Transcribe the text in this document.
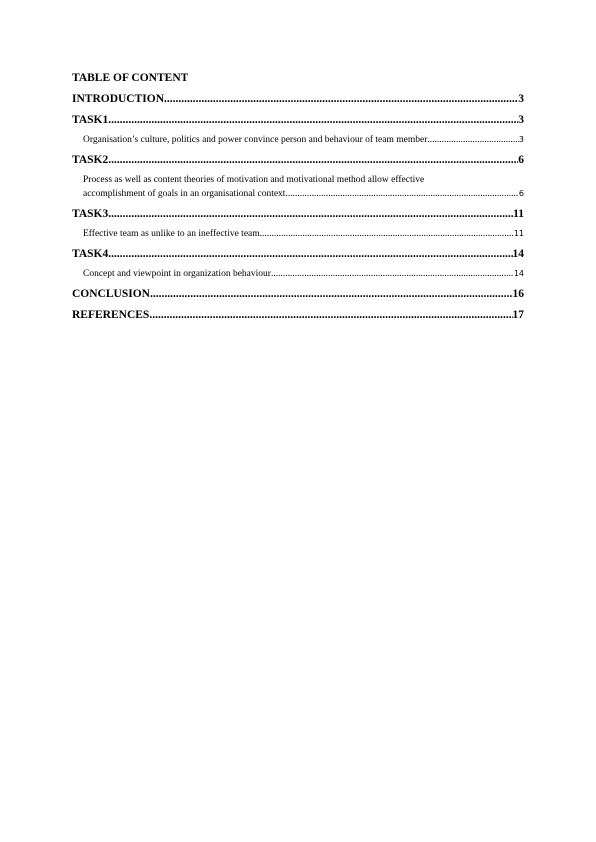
TABLE OF CONTENT
INTRODUCTION .....	3
TASK1 .....	3
Organisation’s culture, politics and power convince person and behaviour of team member .....	3
TASK2 .....	6
Process as well as content theories of motivation and motivational method allow effective
accomplishment of goals in an organisational context .....	6
TASK3 .....	11
Effective team as unlike to an ineffective team .....	11
TASK4 .....	14
Concept and viewpoint in organization behaviour .....	14
CONCLUSION .....	16
REFERENCES .....	17
